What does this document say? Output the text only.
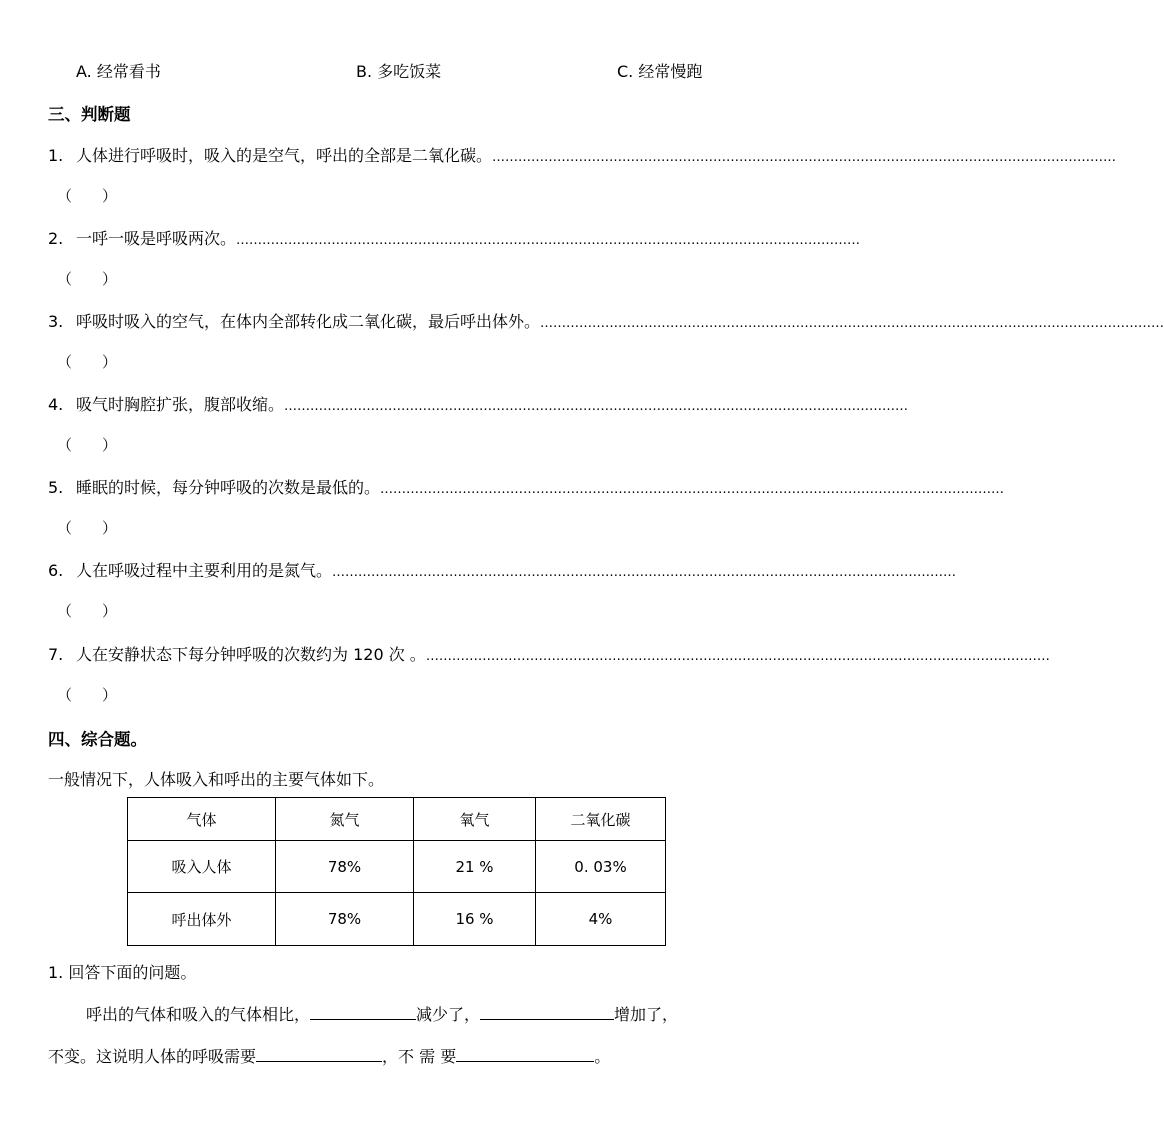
A. 经常看书	B. 多吃饭菜	C. 经常慢跑
三、判断题
1. 人体进行呼吸时，吸入的是空气，呼出的全部是二氧化碳。 ………………………………………………………………………………………………………………………………
（ ）
2. 一呼一吸是呼吸两次。 ………………………………………………………………………………………………………………………………
（ ）
3. 呼吸时吸入的空气，在体内全部转化成二氧化碳，最后呼出体外。 ………………………………………………………………………………………………………………………………
（ ）
4. 吸气时胸腔扩张，腹部收缩。 ………………………………………………………………………………………………………………………………
（ ）
5. 睡眠的时候，每分钟呼吸的次数是最低的。 ………………………………………………………………………………………………………………………………
（ ）
6. 人在呼吸过程中主要利用的是氮气。 ………………………………………………………………………………………………………………………………
（ ）
7. 人在安静状态下每分钟呼吸的次数约为 120 次 。 ………………………………………………………………………………………………………………………………
（ ）
四、综合题。
一般情况下，人体吸入和呼出的主要气体如下。
气体	氮气	氧气	二氧化碳
吸入人体	78%	21 %	0. 03%
呼出体外	78%	16 %	4%
1. 回答下面的问题。
呼出的气体和吸入的气体相比，	减少了，	增加了，
不变。这说明人体的呼吸需要	，不 需 要	。
